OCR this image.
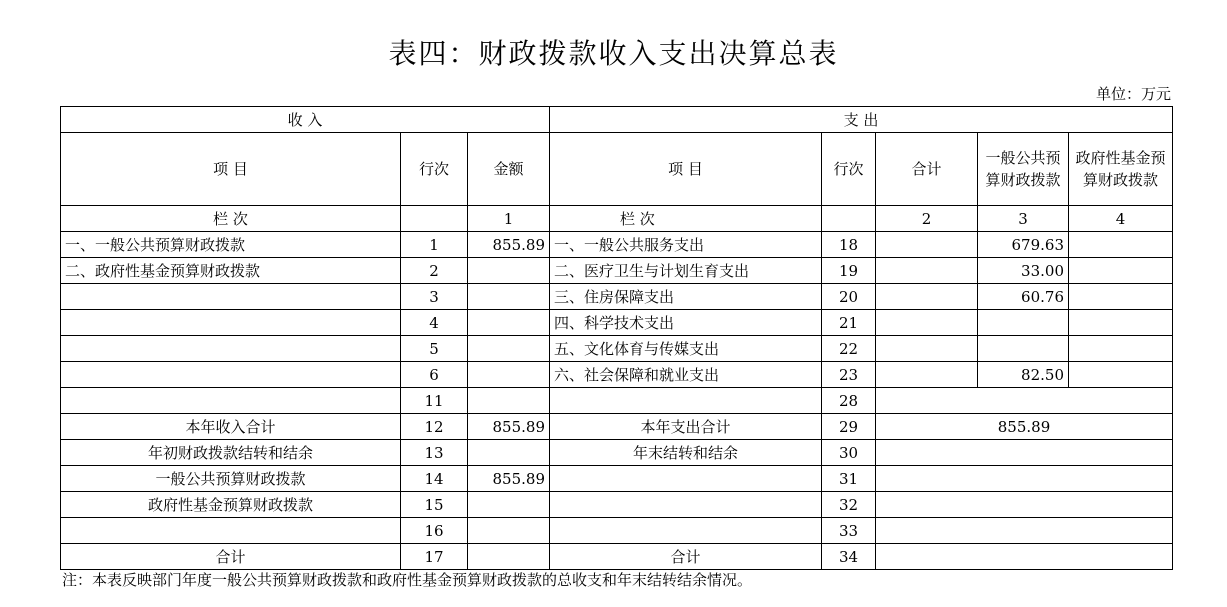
表四：财政拨款收入支出决算总表
单位：万元
收 入			支 出				
项 目	行次	金额	项 目	行次	合计	一般公共预算财政拨款	政府性基金预算财政拨款
栏 次		1	栏 次		2	3	4
一、一般公共预算财政拨款	1	855.89	一、一般公共服务支出	18		679.63	
二、政府性基金预算财政拨款	2		二、医疗卫生与计划生育支出	19		33.00	
	3		三、住房保障支出	20		60.76	
	4		四、科学技术支出	21			
	5		五、文化体育与传媒支出	22			
	6		六、社会保障和就业支出	23		82.50	
	11			28			
本年收入合计	12	855.89	本年支出合计	29	855.89		
年初财政拨款结转和结余	13		年末结转和结余	30			
一般公共预算财政拨款	14	855.89		31			
政府性基金预算财政拨款	15			32			
	16			33			
合计	17		合计	34			
注：本表反映部门年度一般公共预算财政拨款和政府性基金预算财政拨款的总收支和年末结转结余情况。
